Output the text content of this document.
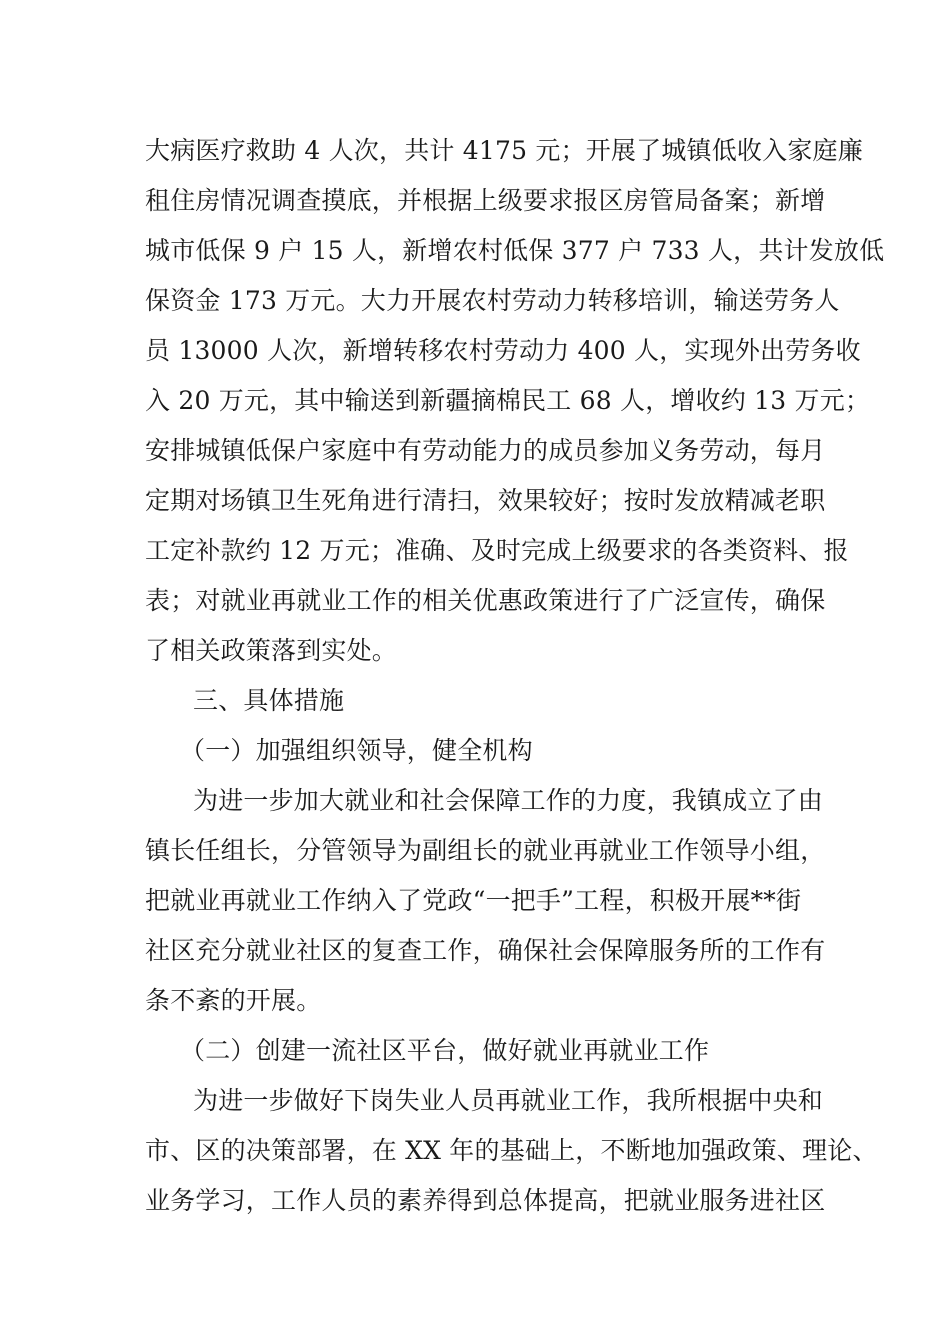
大病医疗救助 4 人次，共计 4175 元；开展了城镇低收入家庭廉
租住房情况调查摸底，并根据上级要求报区房管局备案；新增
城市低保 9 户 15 人，新增农村低保 377 户 733 人，共计发放低
保资金 173 万元。大力开展农村劳动力转移培训，输送劳务人
员 13000 人次，新增转移农村劳动力 400 人，实现外出劳务收
入 20 万元，其中输送到新疆摘棉民工 68 人，增收约 13 万元；
安排城镇低保户家庭中有劳动能力的成员参加义务劳动，每月
定期对场镇卫生死角进行清扫，效果较好；按时发放精减老职
工定补款约 12 万元；准确、及时完成上级要求的各类资料、报
表；对就业再就业工作的相关优惠政策进行了广泛宣传，确保
了相关政策落到实处。
三、具体措施
（一）加强组织领导，健全机构
为进一步加大就业和社会保障工作的力度，我镇成立了由
镇长任组长，分管领导为副组长的就业再就业工作领导小组，
把就业再就业工作纳入了党政“一把手”工程，积极开展**街
社区充分就业社区的复查工作，确保社会保障服务所的工作有
条不紊的开展。
（二）创建一流社区平台，做好就业再就业工作
为进一步做好下岗失业人员再就业工作，我所根据中央和
市、区的决策部署，在 XX 年的基础上，不断地加强政策、理论、
业务学习，工作人员的素养得到总体提高，把就业服务进社区
